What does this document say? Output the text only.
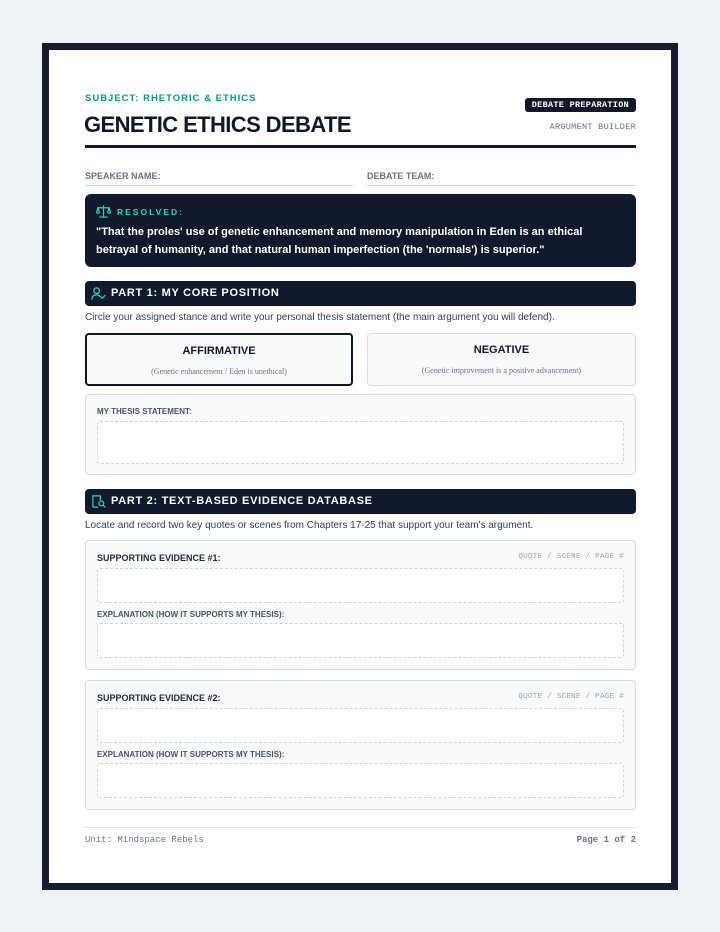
SUBJECT: RHETORIC & ETHICS
GENETIC ETHICS DEBATE
DEBATE PREPARATION
ARGUMENT BUILDER
SPEAKER NAME:	DEBATE TEAM:
RESOLVED:
"That the proles' use of genetic enhancement and memory manipulation in Eden is an ethical betrayal of humanity, and that natural human imperfection (the 'normals') is superior."
PART 1: MY CORE POSITION
Circle your assigned stance and write your personal thesis statement (the main argument you will defend).
AFFIRMATIVE
(Genetic enhancement / Eden is unethical)
NEGATIVE
(Genetic improvement is a positive advancement)
MY THESIS STATEMENT:
PART 2: TEXT-BASED EVIDENCE DATABASE
Locate and record two key quotes or scenes from Chapters 17-25 that support your team's argument.
SUPPORTING EVIDENCE #1:	QUOTE / SCENE / PAGE #
EXPLANATION (HOW IT SUPPORTS MY THESIS):
SUPPORTING EVIDENCE #2:	QUOTE / SCENE / PAGE #
EXPLANATION (HOW IT SUPPORTS MY THESIS):
Unit: Mindspace Rebels	Page 1 of 2
